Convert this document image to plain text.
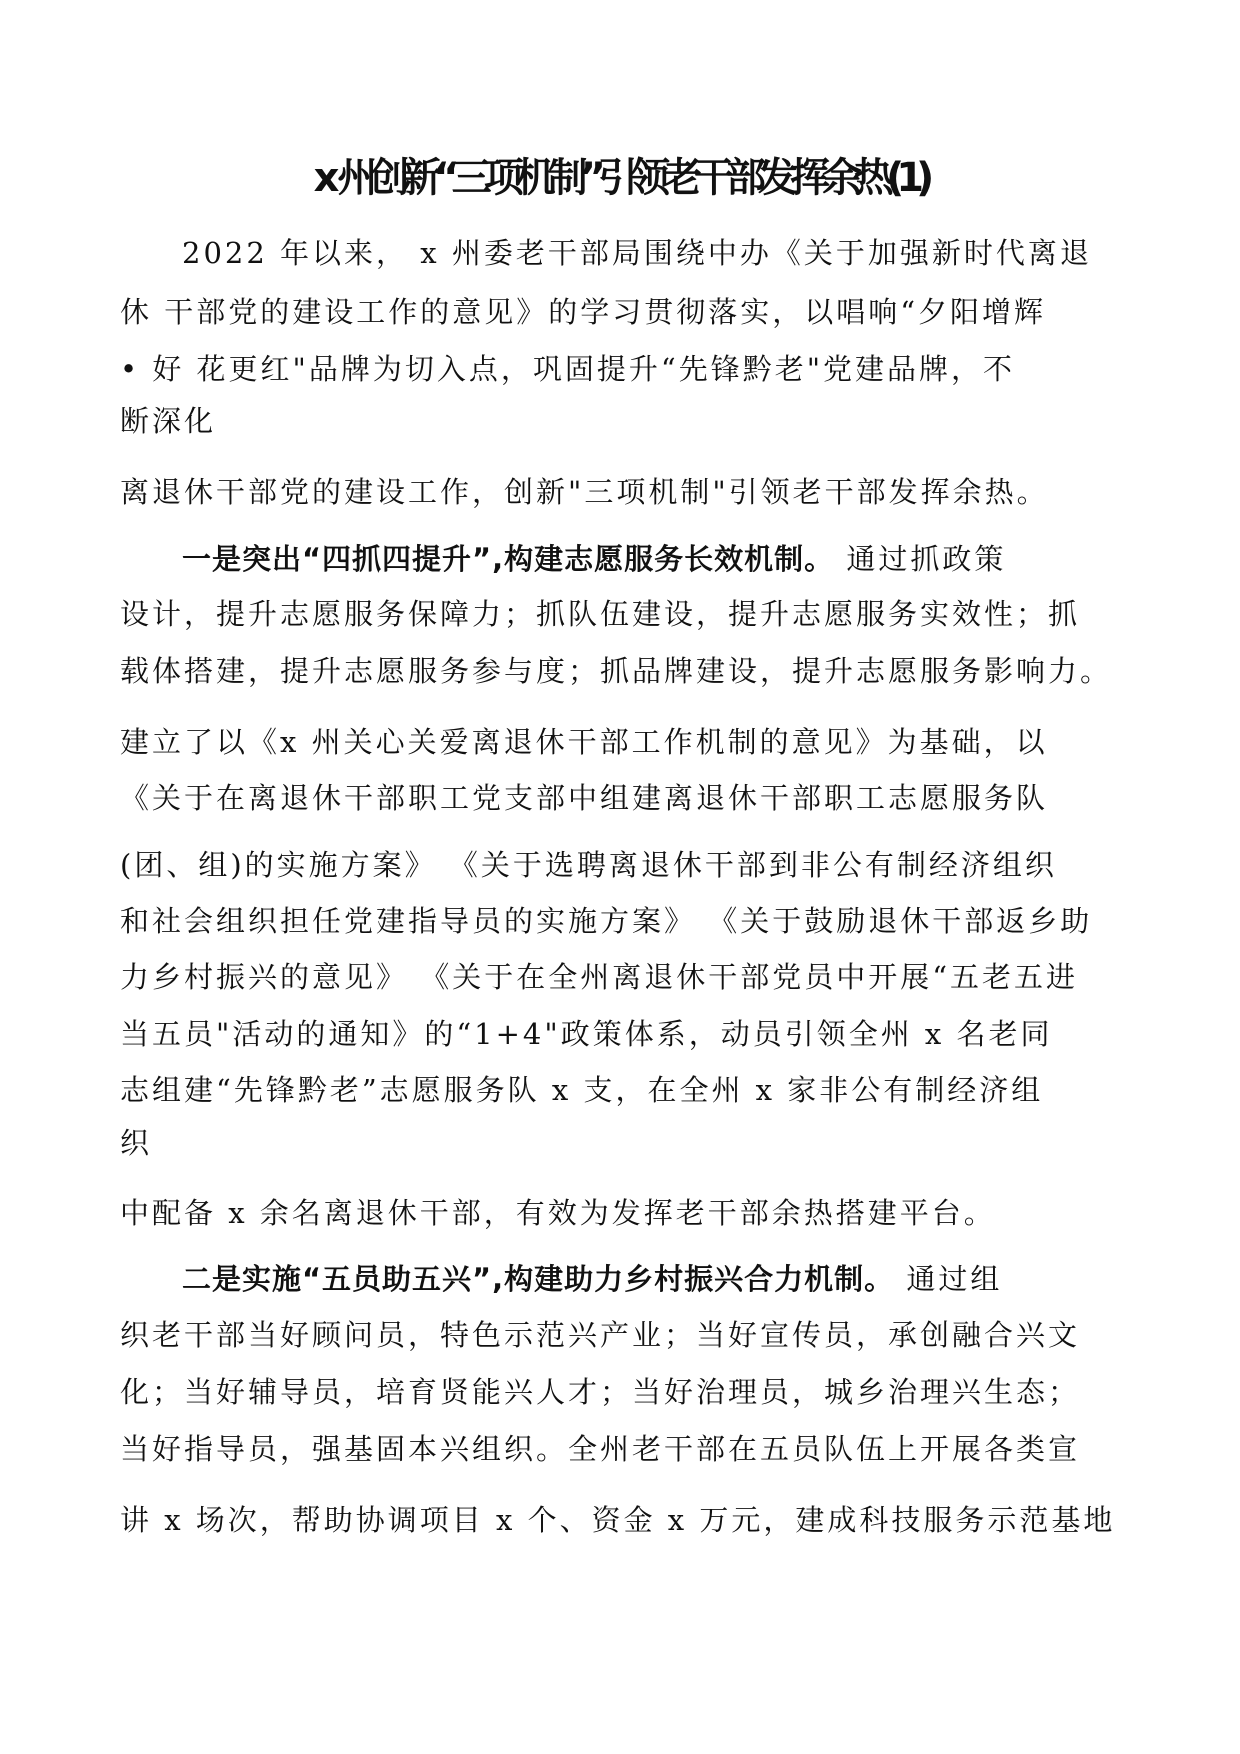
x 州创新“三项机制”引领老干部发挥余热(1)
2022 年以来， x 州委老干部局围绕中办《关于加强新时代离退
休 干部党的建设工作的意见》的学习贯彻落实，以唱响“夕阳增辉
• 好 花更红"品牌为切入点，巩固提升“先锋黔老"党建品牌，不
断深化
离退休干部党的建设工作，创新"三项机制"引领老干部发挥余热。
一是突出“四抓四提升”,构建志愿服务长效机制。 通过抓政策
设计，提升志愿服务保障力；抓队伍建设，提升志愿服务实效性；抓
载体搭建，提升志愿服务参与度；抓品牌建设，提升志愿服务影响力。
建立了以《x 州关心关爱离退休干部工作机制的意见》为基础，以
《关于在离退休干部职工党支部中组建离退休干部职工志愿服务队
(团、组)的实施方案》 《关于选聘离退休干部到非公有制经济组织
和社会组织担任党建指导员的实施方案》 《关于鼓励退休干部返乡助
力乡村振兴的意见》 《关于在全州离退休干部党员中开展“五老五进
当五员"活动的通知》的“1+4"政策体系，动员引领全州 x 名老同
志组建“先锋黔老”志愿服务队 x 支，在全州 x 家非公有制经济组
织
中配备 x 余名离退休干部，有效为发挥老干部余热搭建平台。
二是实施“五员助五兴”,构建助力乡村振兴合力机制。 通过组
织老干部当好顾问员，特色示范兴产业；当好宣传员，承创融合兴文
化；当好辅导员，培育贤能兴人才；当好治理员，城乡治理兴生态；
当好指导员，强基固本兴组织。全州老干部在五员队伍上开展各类宣
讲 x 场次，帮助协调项目 x 个、资金 x 万元，建成科技服务示范基地
